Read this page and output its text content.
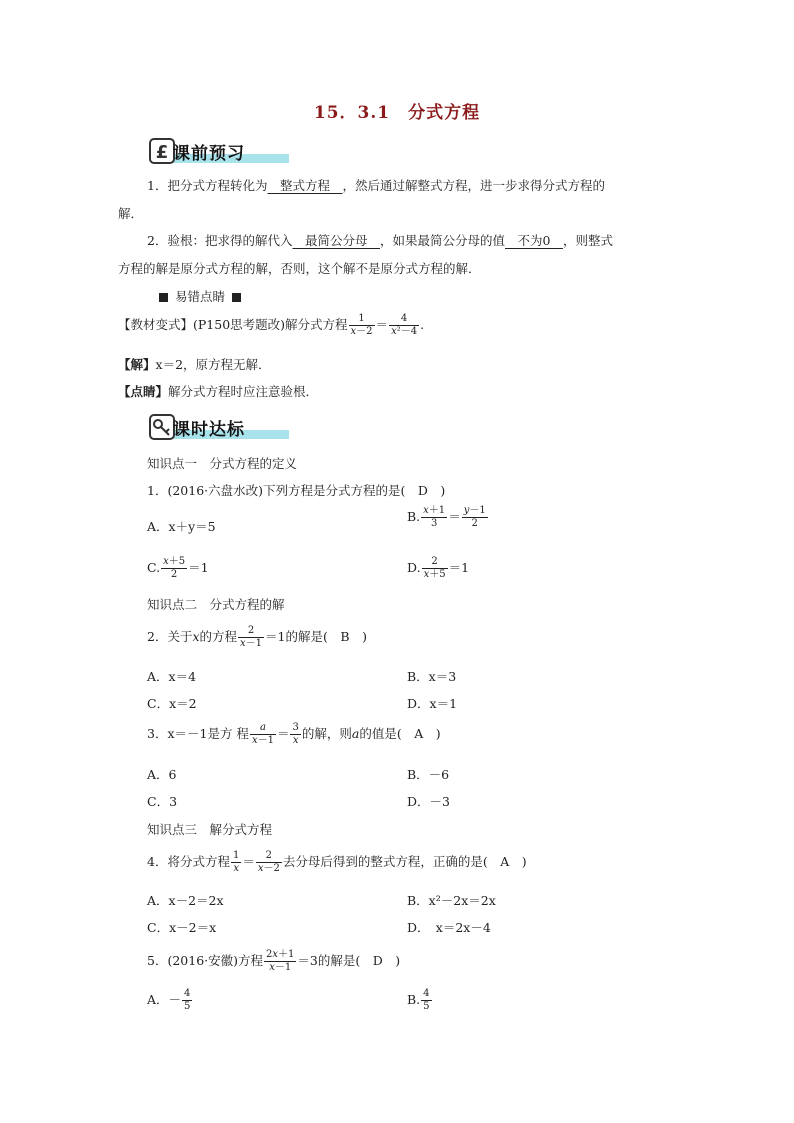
15．3.1　分式方程
£ 课前预习
1．把分式方程转化为　整式方程　，然后通过解整式方程，进一步求得分式方程的
解．
2．验根：把求得的解代入　最简公分母　，如果最简公分母的值　不为0　，则整式
方程的解是原分式方程的解，否则，这个解不是原分式方程的解．
易错点睛
【教材变式】(P150思考题改)解分式方程 $\frac{1}{x-2} = \frac{4}{\text{x²－4}}$ .
【解】x＝2，原方程无解．
【点睛】解分式方程时应注意验根．
课时达标
知识点一　分式方程的定义
1．(2016·六盘水改)下列方程是分式方程的是(　D　)
A．x＋y＝5
B. $\frac{x+1}{3} = \frac{y-1}{2}$
C. $\frac{x+5}{2} =1$	D. $\frac{2}{x+5} =1$
知识点二　分式方程的解
2．关于x的方程 $\frac{2}{x-1} =1$的解是(　B　)
A．x＝4	B．x＝3
C．x＝2	D．x＝1
3．x＝－1是方 程 $\frac{a}{x-1} = \frac{3}{x}$ 的解，则a的值是(　A　)
A．6	B．－6
C．3	D．－3
知识点三　解分式方程
4．将分式方程 $\frac{1}{x} = \frac{2}{x-2}$ 去分母后得到的整式方程，正确的是(　A　)
A．x－2＝2x	B．x²－2x＝2x
C．x－2＝x	D．　x＝2x－4
5．(2016·安徽)方程 $\frac{2x+1}{x-1} =3$的解是(　D　)
A．－ $\frac{4}{5}$	B. $\frac{4}{5}$
